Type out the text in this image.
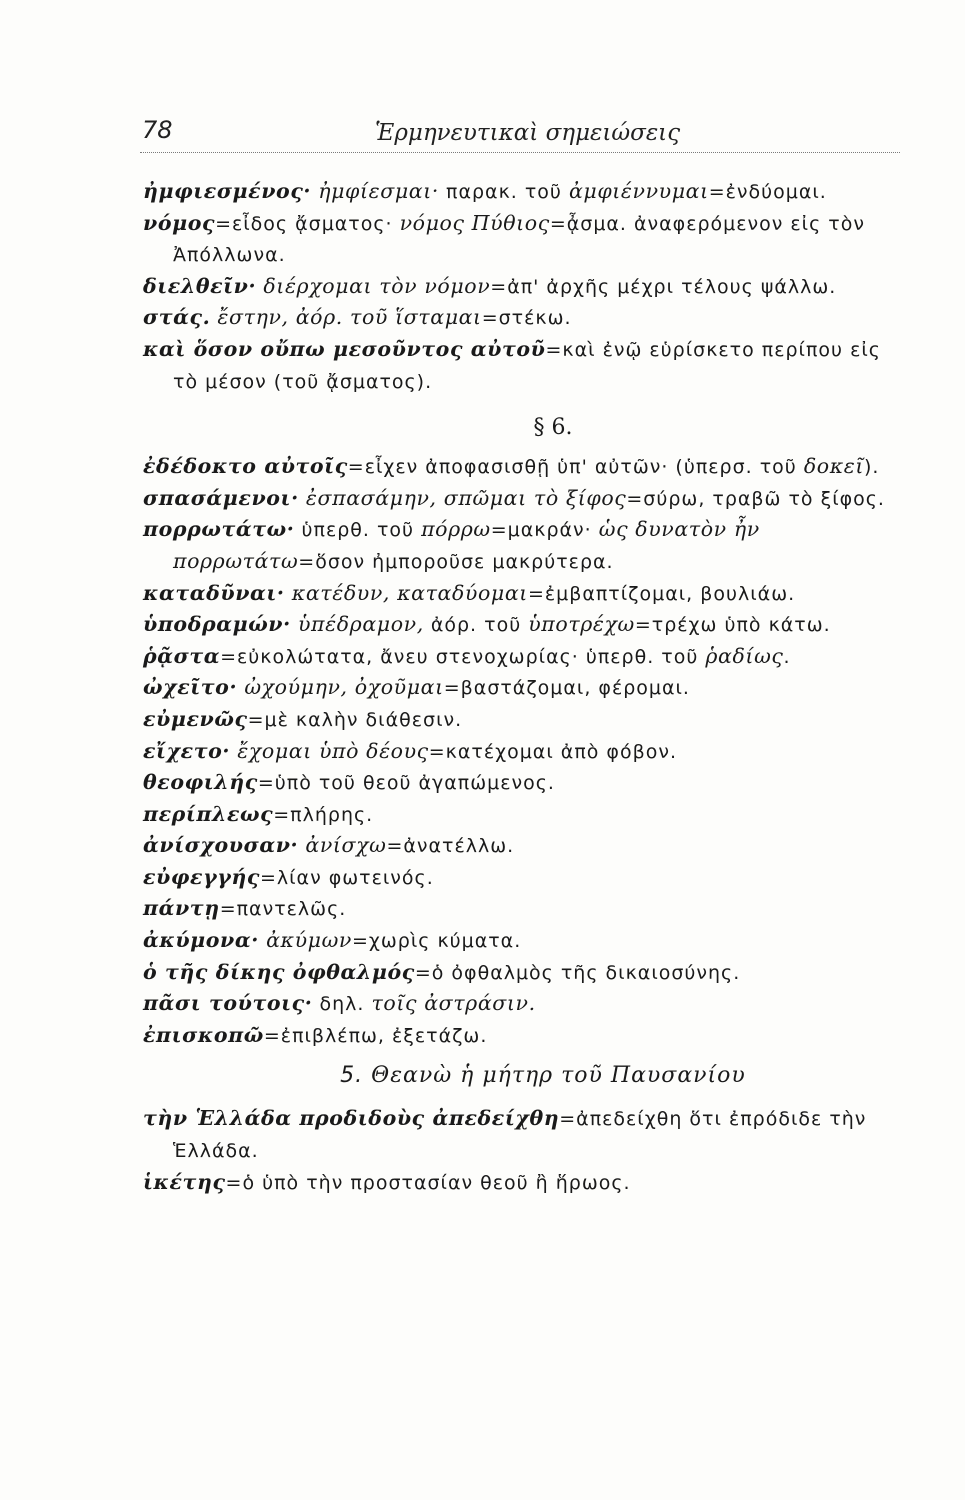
78	Ἑρμηνευτικαὶ σημειώσεις

ἠμφιεσμένος· ἠμφίεσμαι· παρακ. τοῦ ἀμφιέννυμαι=ἐνδύομαι.

νόμος=εἶδος ᾄσματος· νόμος Πύθιος=ᾆσμα. ἀναφερόμενον εἰς τὸν Ἀπόλλωνα.

διελθεῖν· διέρχομαι τὸν νόμον=ἀπ' ἀρχῆς μέχρι τέλους ψάλλω.

στάς. ἔστην, ἀόρ. τοῦ ἵσταμαι=στέκω.

καὶ ὅσον οὔπω μεσοῦντος αὐτοῦ=καὶ ἐνῷ εὑρίσκετο περίπου εἰς τὸ μέσον (τοῦ ᾄσματος).

§ 6.

ἐδέδοκτο αὐτοῖς=εἶχεν ἀποφασισθῇ ὑπ' αὐτῶν· (ὑπερσ. τοῦ δοκεῖ).

σπασάμενοι· ἐσπασάμην, σπῶμαι τὸ ξίφος=σύρω, τραβῶ τὸ ξίφος.

πορρωτάτω· ὑπερθ. τοῦ πόρρω=μακράν· ὡς δυνατὸν ἦν πορρωτάτω=ὅσον ἠμποροῦσε μακρύτερα.

καταδῦναι· κατέδυν, καταδύομαι=ἐμβαπτίζομαι, βουλιάω.

ὑποδραμών· ὑπέδραμον, ἀόρ. τοῦ ὑποτρέχω=τρέχω ὑπὸ κάτω.

ῥᾷστα=εὐκολώτατα, ἄνευ στενοχωρίας· ὑπερθ. τοῦ ῥαδίως.

ὠχεῖτο· ὠχούμην, ὀχοῦμαι=βαστάζομαι, φέρομαι.

εὐμενῶς=μὲ καλὴν διάθεσιν.

εἴχετο· ἔχομαι ὑπὸ δέους=κατέχομαι ἀπὸ φόβον.

θεοφιλής=ὑπὸ τοῦ θεοῦ ἀγαπώμενος.

περίπλεως=πλήρης.

ἀνίσχουσαν· ἀνίσχω=ἀνατέλλω.

εὐφεγγής=λίαν φωτεινός.

πάντῃ=παντελῶς.

ἀκύμονα· ἀκύμων=χωρὶς κύματα.

ὁ τῆς δίκης ὀφθαλμός=ὁ ὀφθαλμὸς τῆς δικαιοσύνης.

πᾶσι τούτοις· δηλ. τοῖς ἀστράσιν.

ἐπισκοπῶ=ἐπιβλέπω, ἐξετάζω.

5. Θεανὼ ἡ μήτηρ τοῦ Παυσανίου

τὴν Ἑλλάδα προδιδοὺς ἀπεδείχθη=ἀπεδείχθη ὅτι ἐπρόδιδε τὴν Ἑλλάδα.

ἱκέτης=ὁ ὑπὸ τὴν προστασίαν θεοῦ ἢ ἥρωος.
